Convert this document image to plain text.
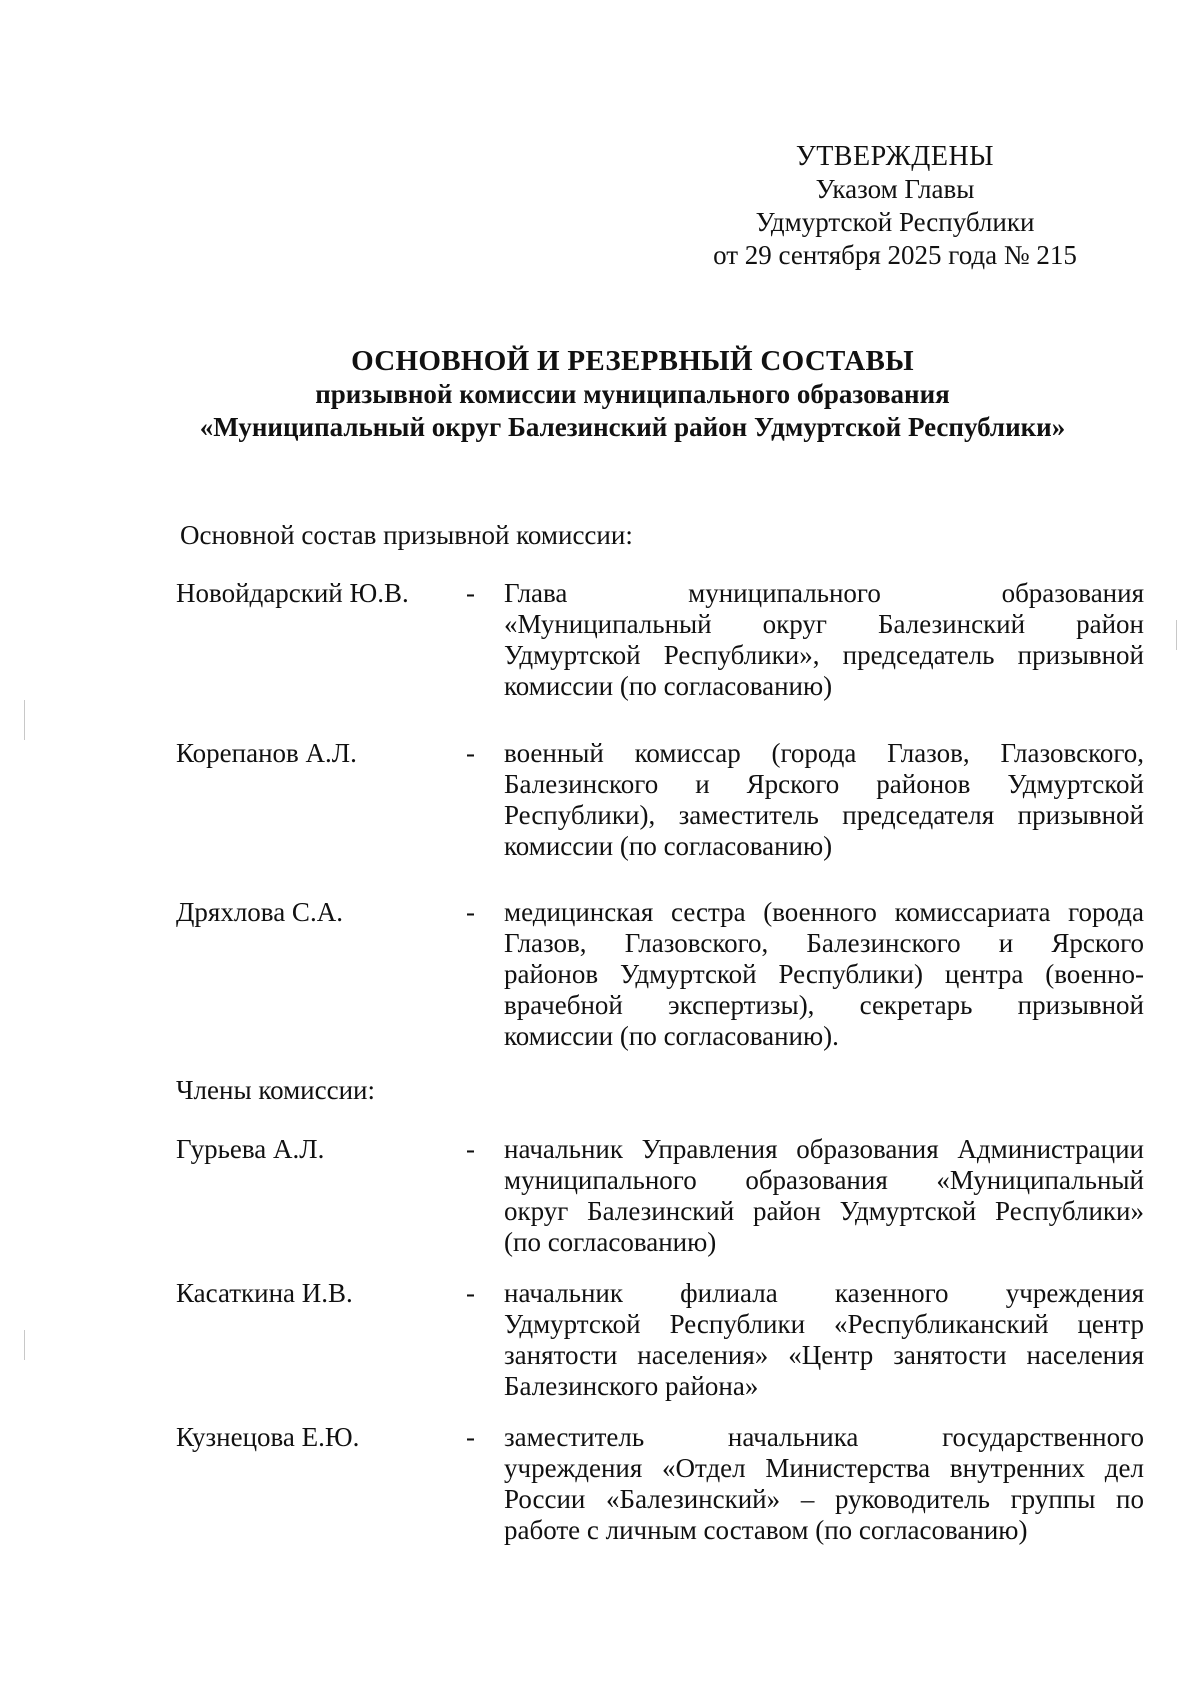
УТВЕРЖДЕНЫ
Указом Главы
Удмуртской Республики
от 29 сентября 2025 года № 215
ОСНОВНОЙ И РЕЗЕРВНЫЙ СОСТАВЫ
призывной комиссии муниципального образования
«Муниципальный округ Балезинский район Удмуртской Республики»
Основной состав призывной комиссии:
Новойдарский Ю.В. - Глава муниципального образования
«Муниципальный округ Балезинский район
Удмуртской Республики», председатель призывной
комиссии (по согласованию)
Корепанов А.Л.	- военный комиссар (города Глазов, Глазовского,
Балезинского и Ярского районов Удмуртской
Республики), заместитель председателя призывной
комиссии (по согласованию)
Дряхлова С.А.	- медицинская сестра (военного комиссариата города
Глазов, Глазовского, Балезинского и Ярского
районов Удмуртской Республики) центра (военно-
врачебной экспертизы), секретарь призывной
комиссии (по согласованию).
Члены комиссии:
Гурьева А.Л.	- начальник Управления образования Администрации
муниципального образования «Муниципальный
округ Балезинский район Удмуртской Республики»
(по согласованию)
Касаткина И.В.	- начальник филиала казенного учреждения
Удмуртской Республики «Республиканский центр
занятости населения» «Центр занятости населения
Балезинского района»
Кузнецова Е.Ю.	- заместитель начальника государственного
учреждения «Отдел Министерства внутренних дел
России «Балезинский» – руководитель группы по
работе с личным составом (по согласованию)
